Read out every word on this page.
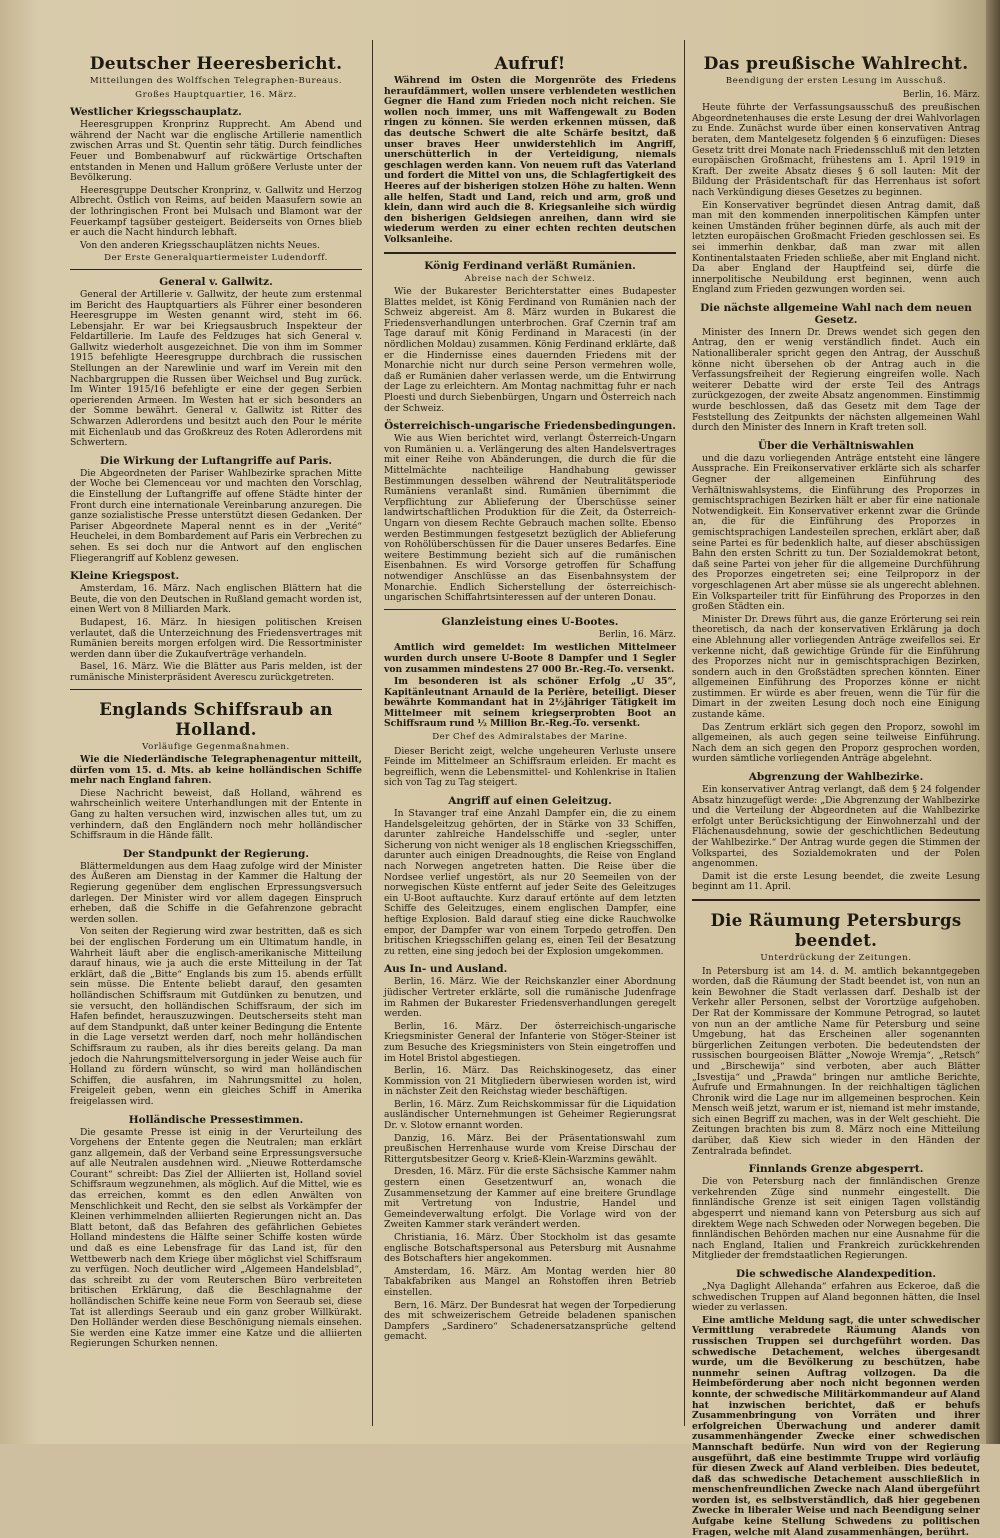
Deutscher Heeresbericht.
Mitteilungen des Wolffschen Telegraphen-Bureaus.
Großes Hauptquartier, 16. März.
Westlicher Kriegsschauplatz.

Heeresgruppen Kronprinz Rupprecht. Am Abend und während der Nacht war die englische Artillerie namentlich zwischen Arras und St. Quentin sehr tätig. Durch feindliches Feuer und Bombenabwurf auf rückwärtige Ortschaften entstanden in Menen und Hallum größere Verluste unter der Bevölkerung.

Heeresgruppe Deutscher Kronprinz, v. Gallwitz und Herzog Albrecht. Östlich von Reims, auf beiden Maasufern sowie an der lothringischen Front bei Mulsach und Blamont war der Feuerkampf tagsüber gesteigert. Beiderseits von Ornes blieb er auch die Nacht hindurch lebhaft.

Von den anderen Kriegsschauplätzen nichts Neues.

Der Erste Generalquartiermeister Ludendorff.
General v. Gallwitz.

General der Artillerie v. Gallwitz, der heute zum erstenmal im Bericht des Hauptquartiers als Führer einer besonderen Heeresgruppe im Westen genannt wird, steht im 66. Lebensjahr. Er war bei Kriegsausbruch Inspekteur der Feldartillerie. Im Laufe des Feldzuges hat sich General v. Gallwitz wiederholt ausgezeichnet. Die von ihm im Sommer 1915 befehligte Heeresgruppe durchbrach die russischen Stellungen an der Narewlinie und warf im Verein mit den Nachbargruppen die Russen über Weichsel und Bug zurück. Im Winter 1915/16 befehligte er eine der gegen Serbien operierenden Armeen. Im Westen hat er sich besonders an der Somme bewährt. General v. Gallwitz ist Ritter des Schwarzen Adlerordens und besitzt auch den Pour le mérite mit Eichenlaub und das Großkreuz des Roten Adlerordens mit Schwertern.

Die Wirkung der Luftangriffe auf Paris.

Die Abgeordneten der Pariser Wahlbezirke sprachen Mitte der Woche bei Clemenceau vor und machten den Vorschlag, die Einstellung der Luftangriffe auf offene Städte hinter der Front durch eine internationale Vereinbarung anzuregen. Die ganze sozialistische Presse unterstützt diesen Gedanken. Der Pariser Abgeordnete Maperal nennt es in der „Verité“ Heuchelei, in dem Bombardement auf Paris ein Verbrechen zu sehen. Es sei doch nur die Antwort auf den englischen Fliegerangriff auf Koblenz gewesen.

Kleine Kriegspost.

Amsterdam, 16. März. Nach englischen Blättern hat die Beute, die von den Deutschen in Rußland gemacht worden ist, einen Wert von 8 Milliarden Mark.

Budapest, 16. März. In hiesigen politischen Kreisen verlautet, daß die Unterzeichnung des Friedensvertrages mit Rumänien bereits morgen erfolgen wird. Die Ressortminister werden dann über die Zukaufverträge verhandeln.

Basel, 16. März. Wie die Blätter aus Paris melden, ist der rumänische Ministerpräsident Averescu zurückgetreten.

Englands Schiffsraub an Holland.
Vorläufige Gegenmaßnahmen.

Wie die Niederländische Telegraphenagentur mitteilt, dürfen vom 15. d. Mts. ab keine holländischen Schiffe mehr nach England fahren.

Diese Nachricht beweist, daß Holland, während es wahrscheinlich weitere Unterhandlungen mit der Entente in Gang zu halten versuchen wird, inzwischen alles tut, um zu verhindern, daß den Engländern noch mehr holländischer Schiffsraum in die Hände fällt.

Der Standpunkt der Regierung.

Blättermeldungen aus dem Haag zufolge wird der Minister des Äußeren am Dienstag in der Kammer die Haltung der Regierung gegenüber dem englischen Erpressungsversuch darlegen. Der Minister wird vor allem dagegen Einspruch erheben, daß die Schiffe in die Gefahrenzone gebracht werden sollen.

Von seiten der Regierung wird zwar bestritten, daß es sich bei der englischen Forderung um ein Ultimatum handle, in Wahrheit läuft aber die englisch-amerikanische Mitteilung darauf hinaus, wie ja auch die erste Mitteilung in der Tat erklärt, daß die „Bitte“ Englands bis zum 15. abends erfüllt sein müsse. Die Entente beliebt darauf, den gesamten holländischen Schiffsraum mit Gutdünken zu benutzen, und sie versucht, den holländischen Schiffsraum, der sich im Hafen befindet, herauszuzwingen. Deutscherseits steht man auf dem Standpunkt, daß unter keiner Bedingung die Entente in die Lage versetzt werden darf, noch mehr holländischen Schiffsraum zu rauben, als ihr dies bereits gelang. Da man jedoch die Nahrungsmittelversorgung in jeder Weise auch für Holland zu fördern wünscht, so wird man holländischen Schiffen, die ausfahren, im Nahrungsmittel zu holen, Freigeleit geben, wenn ein gleiches Schiff in Amerika freigelassen wird.

Holländische Pressestimmen.

Die gesamte Presse ist einig in der Verurteilung des Vorgehens der Entente gegen die Neutralen; man erklärt ganz allgemein, daß der Verband seine Erpressungsversuche auf alle Neutralen ausdehnen wird. „Nieuwe Rotterdamsche Courant“ schreibt: Das Ziel der Alliierten ist, Holland soviel Schiffsraum wegzunehmen, als möglich. Auf die Mittel, wie es das erreichen, kommt es den edlen Anwälten von Menschlichkeit und Recht, den sie selbst als Vorkämpfer der Kleinen verhimmelnden alliierten Regierungen nicht an. Das Blatt betont, daß das Befahren des gefährlichen Gebietes Holland mindestens die Hälfte seiner Schiffe kosten würde und daß es eine Lebensfrage für das Land ist, für den Wettbewerb nach dem Kriege über möglichst viel Schiffsraum zu verfügen. Noch deutlicher wird „Algemeen Handelsblad“, das schreibt zu der vom Reuterschen Büro verbreiteten britischen Erklärung, daß die Beschlagnahme der holländischen Schiffe keine neue Form von Seeraub sei, diese Tat ist allerdings Seeraub und ein ganz grober Willkürakt. Den Holländer werden diese Beschönigung niemals einsehen. Sie werden eine Katze immer eine Katze und die alliierten Regierungen Schurken nennen.

Aufruf!

Während im Osten die Morgenröte des Friedens heraufdämmert, wollen unsere verblendeten westlichen Gegner die Hand zum Frieden noch nicht reichen. Sie wollen noch immer, uns mit Waffengewalt zu Boden ringen zu können. Sie werden erkennen müssen, daß das deutsche Schwert die alte Schärfe besitzt, daß unser braves Heer unwiderstehlich im Angriff, unerschütterlich in der Verteidigung, niemals geschlagen werden kann. Von neuem ruft das Vaterland und fordert die Mittel von uns, die Schlagfertigkeit des Heeres auf der bisherigen stolzen Höhe zu halten. Wenn alle helfen, Stadt und Land, reich und arm, groß und klein, dann wird auch die 8. Kriegsanleihe sich würdig den bisherigen Geldsiegen anreihen, dann wird sie wiederum werden zu einer echten rechten deutschen Volksanleihe.

König Ferdinand verläßt Rumänien.
Abreise nach der Schweiz.

Wie der Bukarester Berichterstatter eines Budapester Blattes meldet, ist König Ferdinand von Rumänien nach der Schweiz abgereist. Am 8. März wurden in Bukarest die Friedensverhandlungen unterbrochen. Graf Czernin traf am Tage darauf mit König Ferdinand in Maracesti (in der nördlichen Moldau) zusammen. König Ferdinand erklärte, daß er die Hindernisse eines dauernden Friedens mit der Monarchie nicht nur durch seine Person vermehren wolle, daß er Rumänien daher verlassen werde, um die Entwirrung der Lage zu erleichtern. Am Montag nachmittag fuhr er nach Ploesti und durch Siebenbürgen, Ungarn und Österreich nach der Schweiz.

Österreichisch-ungarische Friedensbedingungen.

Wie aus Wien berichtet wird, verlangt Österreich-Ungarn von Rumänien u. a. Verlängerung des alten Handelsvertrages mit einer Reihe von Abänderungen, die durch die für die Mittelmächte nachteilige Handhabung gewisser Bestimmungen desselben während der Neutralitätsperiode Rumäniens veranlaßt sind. Rumänien übernimmt die Verpflichtung zur Ablieferung der Überschüsse seiner landwirtschaftlichen Produktion für die Zeit, da Österreich-Ungarn von diesem Rechte Gebrauch machen sollte. Ebenso werden Bestimmungen festgesetzt bezüglich der Ablieferung von Rohölüberschüssen für die Dauer unseres Bedarfes. Eine weitere Bestimmung bezieht sich auf die rumänischen Eisenbahnen. Es wird Vorsorge getroffen für Schaffung notwendiger Anschlüsse an das Eisenbahnsystem der Monarchie. Endlich Sicherstellung der österreichisch-ungarischen Schiffahrtsinteressen auf der unteren Donau.

Glanzleistung eines U-Bootes.
Berlin, 16. März.

Amtlich wird gemeldet: Im westlichen Mittelmeer wurden durch unsere U-Boote 8 Dampfer und 1 Segler von zusammen mindestens 27 000 Br.-Reg.-To. versenkt.

Im besonderen ist als schöner Erfolg „U 35“, Kapitänleutnant Arnauld de la Perière, beteiligt. Dieser bewährte Kommandant hat in 2½jähriger Tätigkeit im Mittelmeer mit seinem kriegserprobten Boot an Schiffsraum rund ½ Million Br.-Reg.-To. versenkt.

Der Chef des Admiralstabes der Marine.

Dieser Bericht zeigt, welche ungeheuren Verluste unsere Feinde im Mittelmeer an Schiffsraum erleiden. Er macht es begreiflich, wenn die Lebensmittel- und Kohlenkrise in Italien sich von Tag zu Tag steigert.

Angriff auf einen Geleitzug.

In Stavanger traf eine Anzahl Dampfer ein, die zu einem Handelsgeleitzug gehörten, der in Stärke von 33 Schiffen, darunter zahlreiche Handelsschiffe und -segler, unter Sicherung von nicht weniger als 18 englischen Kriegsschiffen, darunter auch einigen Dreadnoughts, die Reise von England nach Norwegen angetreten hatten. Die Reise über die Nordsee verlief ungestört, als nur 20 Seemeilen von der norwegischen Küste entfernt auf jeder Seite des Geleitzuges ein U-Boot auftauchte. Kurz darauf ertönte auf dem letzten Schiffe des Geleitzuges, einem englischen Dampfer, eine heftige Explosion. Bald darauf stieg eine dicke Rauchwolke empor, der Dampfer war von einem Torpedo getroffen. Den britischen Kriegsschiffen gelang es, einen Teil der Besatzung zu retten, eine sing jedoch bei der Explosion umgekommen.

Aus In- und Ausland.

Berlin, 16. März. Wie der Reichskanzler einer Abordnung jüdischer Vertreter erklärte, soll die rumänische Judenfrage im Rahmen der Bukarester Friedensverhandlungen geregelt werden.

Berlin, 16. März. Der österreichisch-ungarische Kriegsminister General der Infanterie von Stöger-Steiner ist zum Besuche des Kriegsministers von Stein eingetroffen und im Hotel Bristol abgestiegen.

Berlin, 16. März. Das Reichskinogesetz, das einer Kommission von 21 Mitgliedern überwiesen worden ist, wird in nächster Zeit den Reichstag wieder beschäftigen.

Berlin, 16. März. Zum Reichskommissar für die Liquidation ausländischer Unternehmungen ist Geheimer Regierungsrat Dr. v. Slotow ernannt worden.

Danzig, 16. März. Bei der Präsentationswahl zum preußischen Herrenhause wurde vom Kreise Dirschau der Rittergutsbesitzer Georg v. Krieß-Klein-Warzmins gewählt.

Dresden, 16. März. Für die erste Sächsische Kammer nahm gestern einen Gesetzentwurf an, wonach die Zusammensetzung der Kammer auf eine breitere Grundlage mit Vertretung von Industrie, Handel und Gemeindeverwaltung erfolgt. Die Vorlage wird von der Zweiten Kammer stark verändert werden.

Christiania, 16. März. Über Stockholm ist das gesamte englische Botschaftspersonal aus Petersburg mit Ausnahme des Botschafters hier angekommen.

Amsterdam, 16. März. Am Montag werden hier 80 Tabakfabriken aus Mangel an Rohstoffen ihren Betrieb einstellen.

Bern, 16. März. Der Bundesrat hat wegen der Torpedierung des mit schweizerischem Getreide beladenen spanischen Dampfers „Sardinero“ Schadenersatzansprüche geltend gemacht.

Das preußische Wahlrecht.
Beendigung der ersten Lesung im Ausschuß.
Berlin, 16. März.

Heute führte der Verfassungsausschuß des preußischen Abgeordnetenhauses die erste Lesung der drei Wahlvorlagen zu Ende. Zunächst wurde über einen konservativen Antrag beraten, dem Mantelgesetz folgenden § 6 einzufügen: Dieses Gesetz tritt drei Monate nach Friedensschluß mit den letzten europäischen Großmacht, frühestens am 1. April 1919 in Kraft. Der zweite Absatz dieses § 6 soll lauten: Mit der Bildung der Präsidentschaft für das Herrenhaus ist sofort nach Verkündigung dieses Gesetzes zu beginnen.

Ein Konservativer begründet diesen Antrag damit, daß man mit den kommenden innerpolitischen Kämpfen unter keinen Umständen früher beginnen dürfe, als auch mit der letzten europäischen Großmacht Frieden geschlossen sei. Es sei immerhin denkbar, daß man zwar mit allen Kontinentalstaaten Frieden schließe, aber mit England nicht. Da aber England der Hauptfeind sei, dürfe die innerpolitische Neubildung erst beginnen, wenn auch England zum Frieden gezwungen worden sei.

Die nächste allgemeine Wahl nach dem neuen Gesetz.

Minister des Innern Dr. Drews wendet sich gegen den Antrag, den er wenig verständlich findet. Auch ein Nationalliberaler spricht gegen den Antrag, der Ausschuß könne nicht übersehen ob der Antrag auch in die Verfassungsfreiheit der Regierung eingreifen wolle. Nach weiterer Debatte wird der erste Teil des Antrags zurückgezogen, der zweite Absatz angenommen. Einstimmig wurde beschlossen, daß das Gesetz mit dem Tage der Feststellung des Zeitpunkts der nächsten allgemeinen Wahl durch den Minister des Innern in Kraft treten soll.

Über die Verhältniswahlen

und die dazu vorliegenden Anträge entsteht eine längere Aussprache. Ein Freikonservativer erklärte sich als scharfer Gegner der allgemeinen Einführung des Verhältniswahlsystems, die Einführung des Proporzes in gemischtsprachigen Bezirken hält er aber für eine nationale Notwendigkeit. Ein Konservativer erkennt zwar die Gründe an, die für die Einführung des Proporzes in gemischtsprachigen Landesteilen sprechen, erklärt aber, daß seine Partei es für bedenklich halte, auf dieser abschüssigen Bahn den ersten Schritt zu tun. Der Sozialdemokrat betont, daß seine Partei von jeher für die allgemeine Durchführung des Proporzes eingetreten sei; eine Teilproporz in der vorgeschlagenen Art aber müsse sie als ungerecht ablehnen. Ein Volksparteiler tritt für Einführung des Proporzes in den großen Städten ein.

Minister Dr. Drews führt aus, die ganze Erörterung sei rein theoretisch, da nach der konservativen Erklärung ja doch eine Ablehnung aller vorliegenden Anträge zweifellos sei. Er verkenne nicht, daß gewichtige Gründe für die Einführung des Proporzes nicht nur in gemischtsprachigen Bezirken, sondern auch in den Großstädten sprechen könnten. Einer allgemeinen Einführung des Proporzes könne er nicht zustimmen. Er würde es aber freuen, wenn die Tür für die Dimart in der zweiten Lesung doch noch eine Einigung zustande käme.

Das Zentrum erklärt sich gegen den Proporz, sowohl im allgemeinen, als auch gegen seine teilweise Einführung. Nach dem an sich gegen den Proporz gesprochen worden, wurden sämtliche vorliegenden Anträge abgelehnt.

Abgrenzung der Wahlbezirke.

Ein konservativer Antrag verlangt, daß dem § 24 folgender Absatz hinzugefügt werde: „Die Abgrenzung der Wahlbezirke und die Verteilung der Abgeordneten auf die Wahlbezirke erfolgt unter Berücksichtigung der Einwohnerzahl und der Flächenausdehnung, sowie der geschichtlichen Bedeutung der Wahlbezirke.“ Der Antrag wurde gegen die Stimmen der Volkspartei, des Sozialdemokraten und der Polen angenommen.

Damit ist die erste Lesung beendet, die zweite Lesung beginnt am 11. April.

Die Räumung Petersburgs beendet.
Unterdrückung der Zeitungen.

In Petersburg ist am 14. d. M. amtlich bekanntgegeben worden, daß die Räumung der Stadt beendet ist, von nun an kein Bewohner die Stadt verlassen darf. Deshalb ist der Verkehr aller Personen, selbst der Vorortzüge aufgehoben. Der Rat der Kommissare der Kommune Petrograd, so lautet von nun an der amtliche Name für Petersburg und seine Umgebung, hat das Erscheinen aller sogenannten bürgerlichen Zeitungen verboten. Die bedeutendsten der russischen bourgeoisen Blätter „Nowoje Wremja“, „Retsch“ und „Birschewija“ sind verboten, aber auch Blätter „Isvestija“ und „Prawda“ bringen nur amtliche Berichte, Aufrufe und Ermahnungen. In der reichhaltigen täglichen Chronik wird die Lage nur im allgemeinen besprochen. Kein Mensch weiß jetzt, warum er ist, niemand ist mehr imstande, sich einen Begriff zu machen, was in der Welt geschieht. Die Zeitungen brachten bis zum 8. März noch eine Mitteilung darüber, daß Kiew sich wieder in den Händen der Zentralrada befindet.

Finnlands Grenze abgesperrt.

Die von Petersburg nach der finnländischen Grenze verkehrenden Züge sind nunmehr eingestellt. Die finnländische Grenze ist seit einigen Tagen vollständig abgesperrt und niemand kann von Petersburg aus sich auf direktem Wege nach Schweden oder Norwegen begeben. Die finnländischen Behörden machen nur eine Ausnahme für die nach England, Italien und Frankreich zurückkehrenden Mitglieder der fremdstaatlichen Regierungen.

Die schwedische Alandexpedition.

„Nya Daglight Allehanda“ erfahren aus Eckeroe, daß die schwedischen Truppen auf Aland begonnen hätten, die Insel wieder zu verlassen.

Eine amtliche Meldung sagt, die unter schwedischer Vermittlung verabredete Räumung Alands von russischen Truppen sei durchgeführt worden. Das schwedische Detachement, welches übergesandt wurde, um die Bevölkerung zu beschützen, habe nunmehr seinen Auftrag vollzogen. Da die Heimbeförderung aber noch nicht begonnen werden konnte, der schwedische Militärkommandeur auf Aland hat inzwischen berichtet, daß er behufs Zusammenbringung von Vorräten und ihrer erfolgreichen Überwachung und anderer damit zusammenhängender Zwecke einer schwedischen Mannschaft bedürfe. Nun wird von der Regierung ausgeführt, daß eine bestimmte Truppe wird vorläufig für diesen Zweck auf Aland verbleiben. Dies bedeutet, daß das schwedische Detachement ausschließlich in menschenfreundlichen Zwecke nach Aland übergeführt worden ist, es selbstverständlich, daß hier gegebenen Zwecke in liberaler Weise und nach Beendigung seiner Aufgabe keine Stellung Schwedens zu politischen Fragen, welche mit Aland zusammenhängen, berührt.
